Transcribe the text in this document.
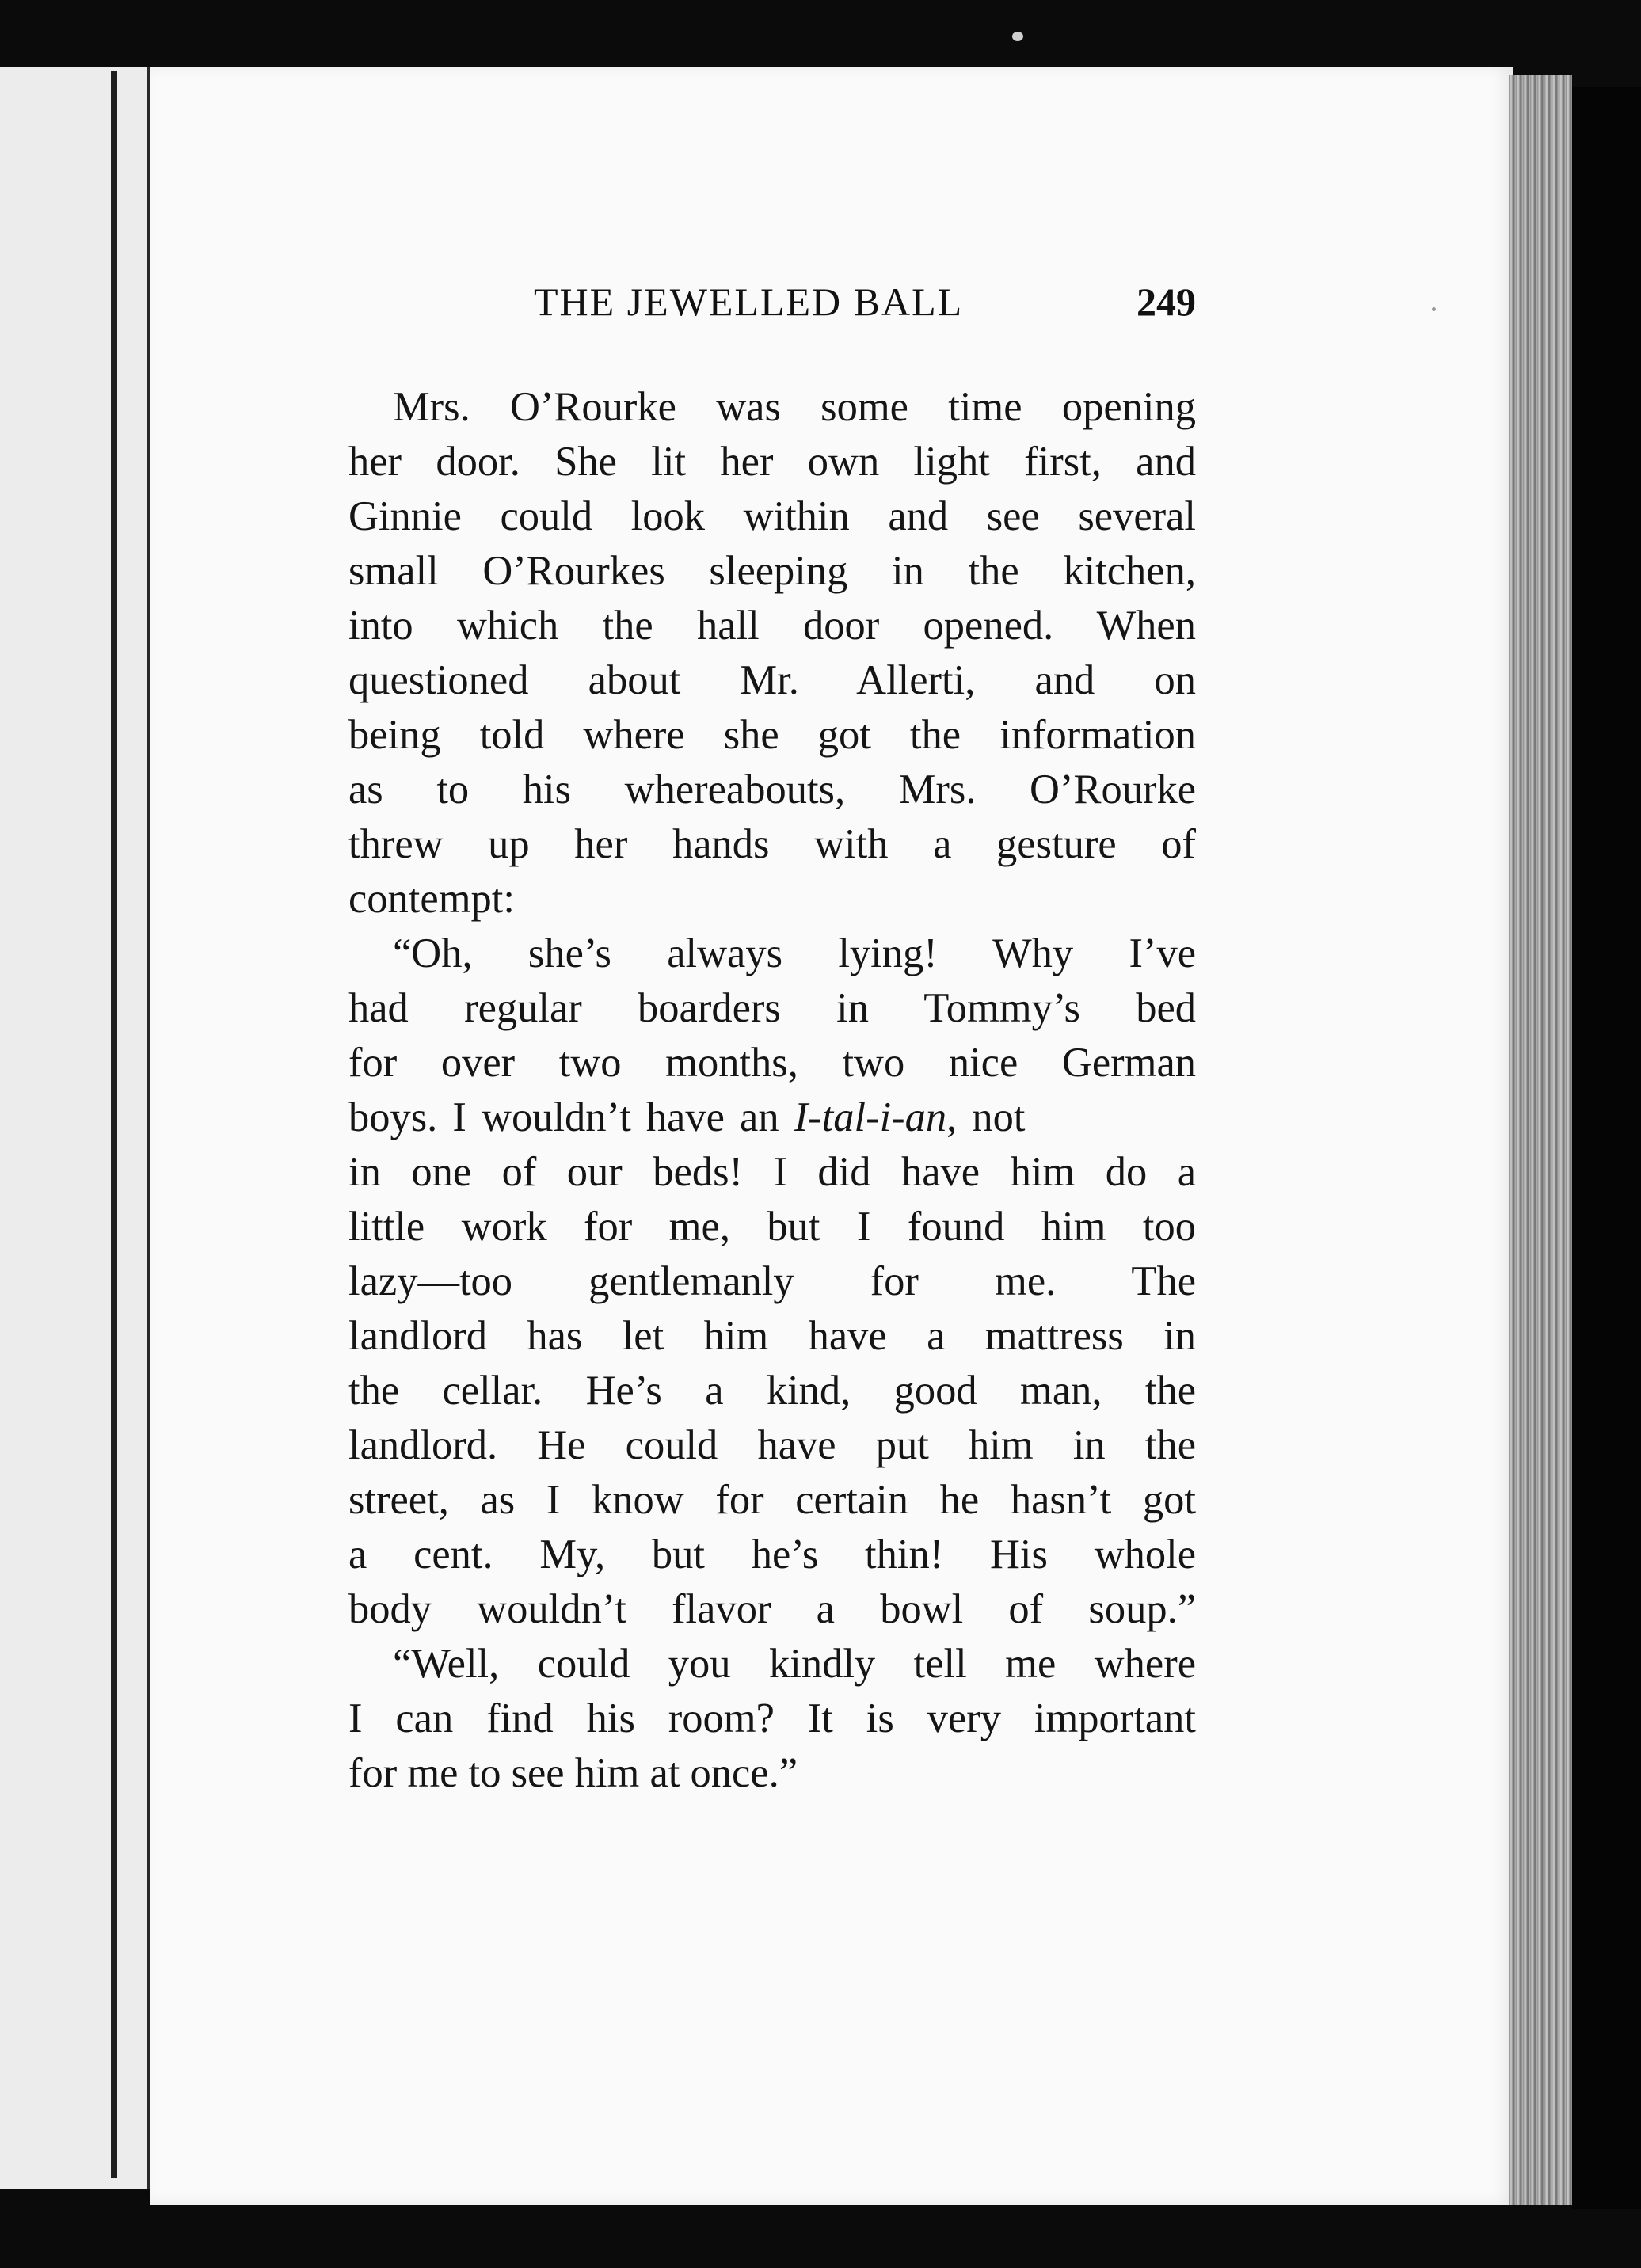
THE JEWELLED BALL	249
Mrs. O’Rourke was some time opening
her door. She lit her own light first, and
Ginnie could look within and see several
small O’Rourkes sleeping in the kitchen,
into which the hall door opened. When
questioned about Mr. Allerti, and on
being told where she got the information
as to his whereabouts, Mrs. O’Rourke
threw up her hands with a gesture of
contempt:
“Oh, she’s always lying! Why I’ve
had regular boarders in Tommy’s bed
for over two months, two nice German
boys. I wouldn’t have an I-tal-i-an, not
in one of our beds! I did have him do a
little work for me, but I found him too
lazy—too gentlemanly for me. The
landlord has let him have a mattress in
the cellar. He’s a kind, good man, the
landlord. He could have put him in the
street, as I know for certain he hasn’t got
a cent. My, but he’s thin! His whole
body wouldn’t flavor a bowl of soup.”
“Well, could you kindly tell me where
I can find his room? It is very important
for me to see him at once.”
